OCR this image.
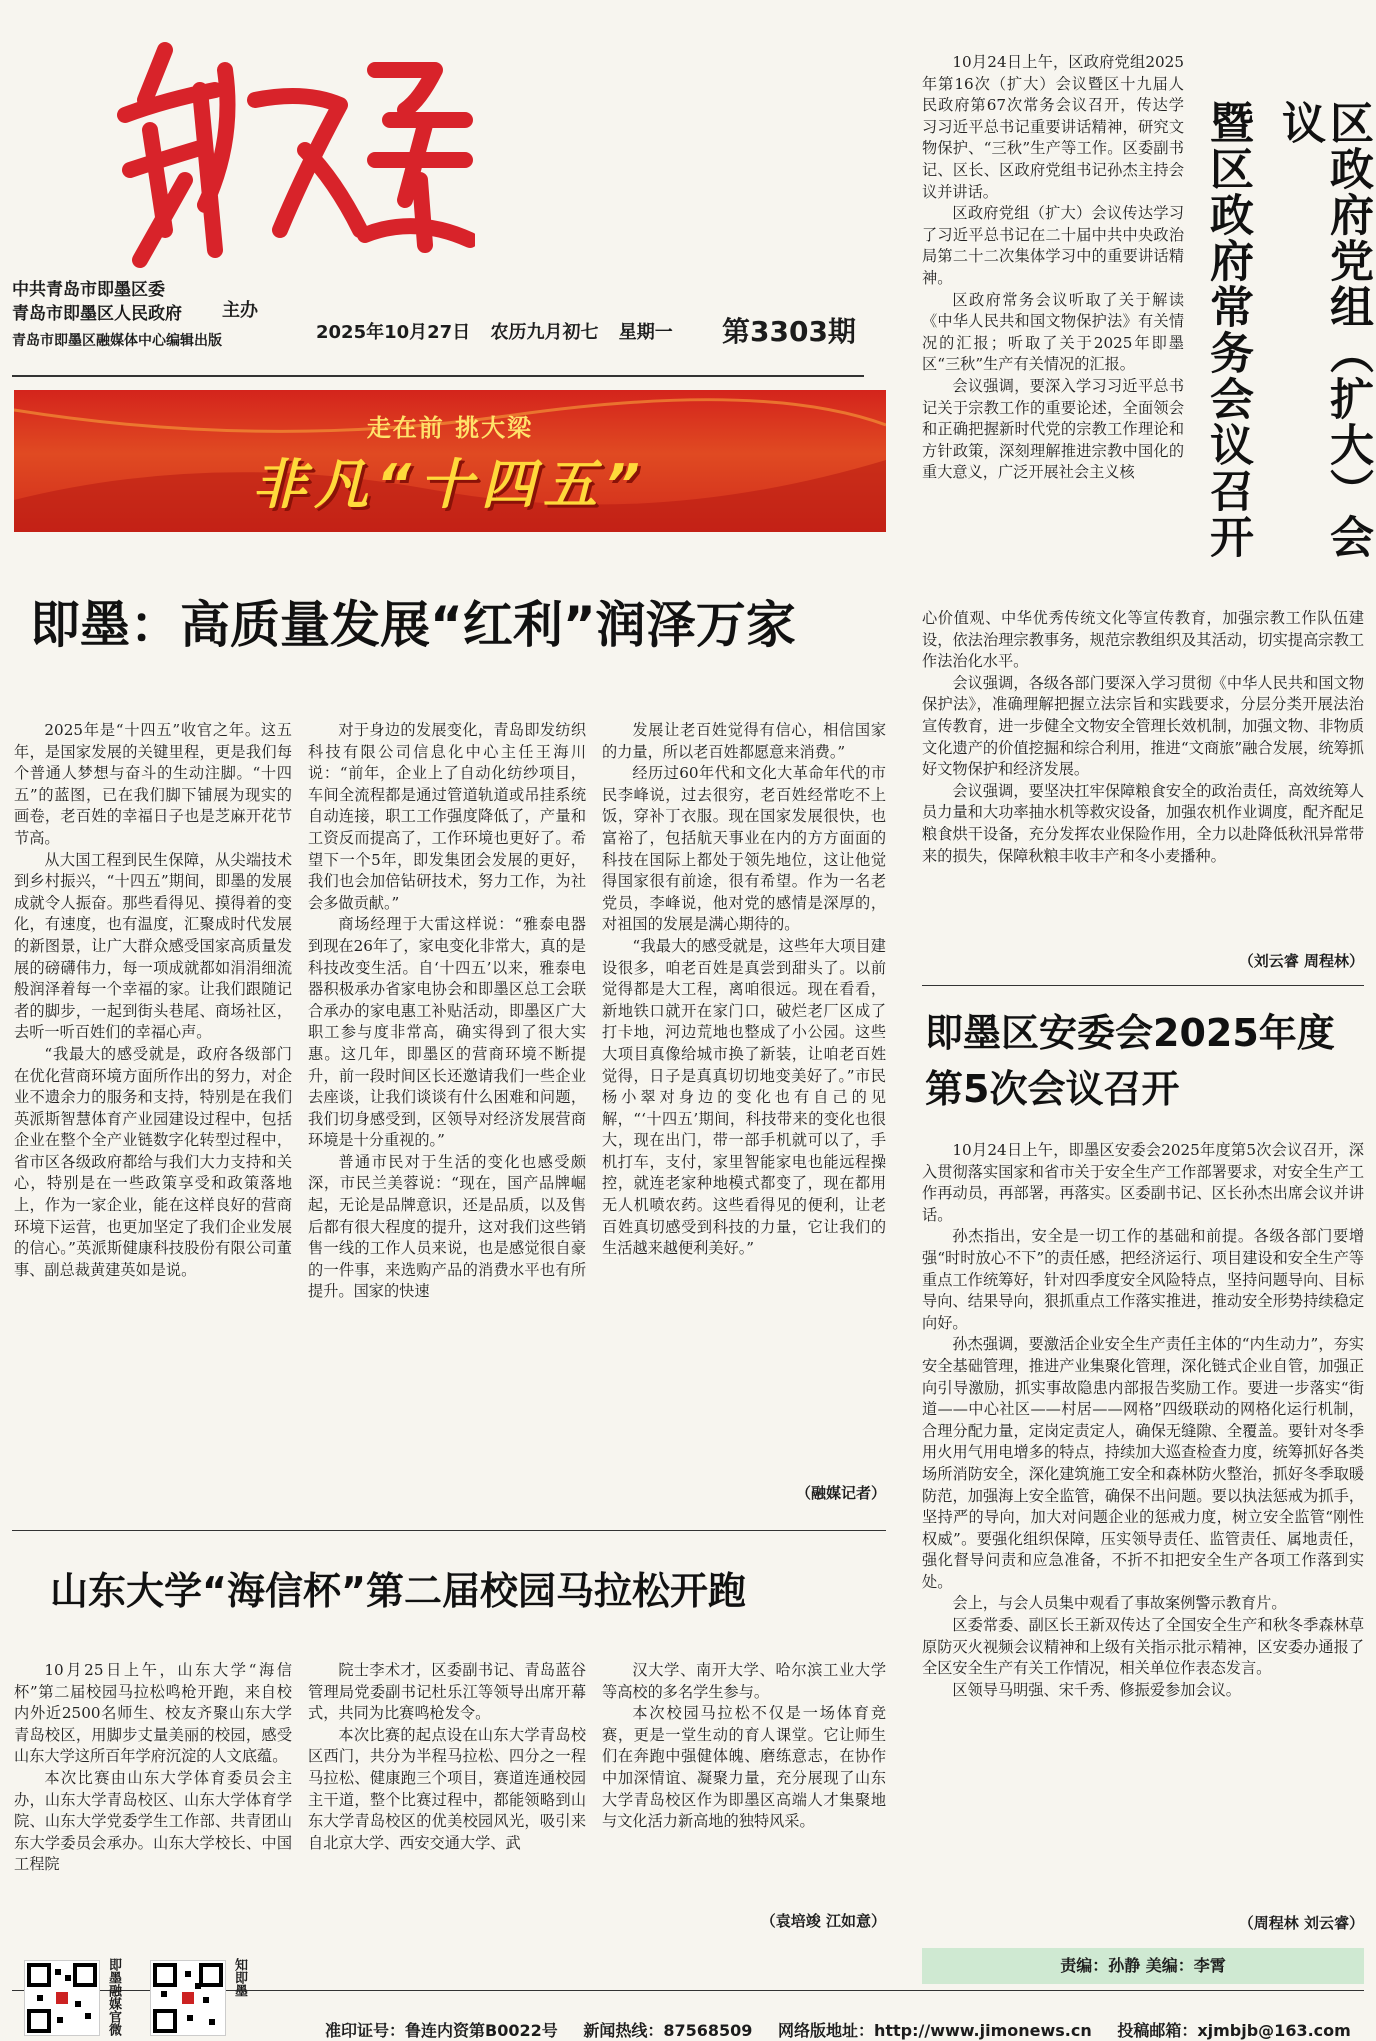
中共青岛市即墨区委
青岛市即墨区人民政府 主办
青岛市即墨区融媒体中心编辑出版	2025年10月27日 农历九月初七 星期一	第3303期
走在前 挑大梁
非凡“十四五”
即墨：高质量发展“红利”润泽万家

2025年是“十四五”收官之年。这五年，是国家发展的关键里程，更是我们每个普通人梦想与奋斗的生动注脚。“十四五”的蓝图，已在我们脚下铺展为现实的画卷，老百姓的幸福日子也是芝麻开花节节高。

从大国工程到民生保障，从尖端技术到乡村振兴，“十四五”期间，即墨的发展成就令人振奋。那些看得见、摸得着的变化，有速度，也有温度，汇聚成时代发展的新图景，让广大群众感受国家高质量发展的磅礴伟力，每一项成就都如涓涓细流般润泽着每一个幸福的家。让我们跟随记者的脚步，一起到街头巷尾、商场社区，去听一听百姓们的幸福心声。

“我最大的感受就是，政府各级部门在优化营商环境方面所作出的努力，对企业不遗余力的服务和支持，特别是在我们英派斯智慧体育产业园建设过程中，包括企业在整个全产业链数字化转型过程中，省市区各级政府都给与我们大力支持和关心，特别是在一些政策享受和政策落地上，作为一家企业，能在这样良好的营商环境下运营，也更加坚定了我们企业发展的信心。”英派斯健康科技股份有限公司董事、副总裁黄建英如是说。

对于身边的发展变化，青岛即发纺织科技有限公司信息化中心主任王海川说：“前年，企业上了自动化纺纱项目，车间全流程都是通过管道轨道或吊挂系统自动连接，职工工作强度降低了，产量和工资反而提高了，工作环境也更好了。希望下一个5年，即发集团会发展的更好，我们也会加倍钻研技术，努力工作，为社会多做贡献。”

商场经理于大雷这样说：“雅泰电器到现在26年了，家电变化非常大，真的是科技改变生活。自‘十四五’以来，雅泰电器积极承办省家电协会和即墨区总工会联合承办的家电惠工补贴活动，即墨区广大职工参与度非常高，确实得到了很大实惠。这几年，即墨区的营商环境不断提升，前一段时间区长还邀请我们一些企业去座谈，让我们谈谈有什么困难和问题，我们切身感受到，区领导对经济发展营商环境是十分重视的。”

普通市民对于生活的变化也感受颇深，市民兰美蓉说：“现在，国产品牌崛起，无论是品牌意识，还是品质，以及售后都有很大程度的提升，这对我们这些销售一线的工作人员来说，也是感觉很自豪的一件事，来选购产品的消费水平也有所提升。国家的快速

发展让老百姓觉得有信心，相信国家的力量，所以老百姓都愿意来消费。”

经历过60年代和文化大革命年代的市民李峰说，过去很穷，老百姓经常吃不上饭，穿补丁衣服。现在国家发展很快，也富裕了，包括航天事业在内的方方面面的科技在国际上都处于领先地位，这让他觉得国家很有前途，很有希望。作为一名老党员，李峰说，他对党的感情是深厚的，对祖国的发展是满心期待的。

“我最大的感受就是，这些年大项目建设很多，咱老百姓是真尝到甜头了。以前觉得都是大工程，离咱很远。现在看看，新地铁口就开在家门口，破烂老厂区成了打卡地，河边荒地也整成了小公园。这些大项目真像给城市换了新装，让咱老百姓觉得，日子是真真切切地变美好了。”市民杨小翠对身边的变化也有自己的见解，“‘十四五’期间，科技带来的变化也很大，现在出门，带一部手机就可以了，手机打车，支付，家里智能家电也能远程操控，就连老家种地模式都变了，现在都用无人机喷农药。这些看得见的便利，让老百姓真切感受到科技的力量，它让我们的生活越来越便利美好。”

（融媒记者）
山东大学“海信杯”第二届校园马拉松开跑

10月25日上午，山东大学“海信杯”第二届校园马拉松鸣枪开跑，来自校内外近2500名师生、校友齐聚山东大学青岛校区，用脚步丈量美丽的校园，感受山东大学这所百年学府沉淀的人文底蕴。

本次比赛由山东大学体育委员会主办，山东大学青岛校区、山东大学体育学院、山东大学党委学生工作部、共青团山东大学委员会承办。山东大学校长、中国工程院

院士李术才，区委副书记、青岛蓝谷管理局党委副书记杜乐江等领导出席开幕式，共同为比赛鸣枪发令。

本次比赛的起点设在山东大学青岛校区西门，共分为半程马拉松、四分之一程马拉松、健康跑三个项目，赛道连通校园主干道，整个比赛过程中，都能领略到山东大学青岛校区的优美校园风光，吸引来自北京大学、西安交通大学、武

汉大学、南开大学、哈尔滨工业大学等高校的多名学生参与。

本次校园马拉松不仅是一场体育竞赛，更是一堂生动的育人课堂。它让师生们在奔跑中强健体魄、磨练意志，在协作中加深情谊、凝聚力量，充分展现了山东大学青岛校区作为即墨区高端人才集聚地与文化活力新高地的独特风采。

（袁培竣 江如意）
区政府党组（扩大）会议
暨区政府常务会议召开

10月24日上午，区政府党组2025年第16次（扩大）会议暨区十九届人民政府第67次常务会议召开，传达学习习近平总书记重要讲话精神，研究文物保护、“三秋”生产等工作。区委副书记、区长、区政府党组书记孙杰主持会议并讲话。

区政府党组（扩大）会议传达学习了习近平总书记在二十届中共中央政治局第二十二次集体学习中的重要讲话精神。

区政府常务会议听取了关于解读《中华人民共和国文物保护法》有关情况的汇报；听取了关于2025年即墨区“三秋”生产有关情况的汇报。

会议强调，要深入学习习近平总书记关于宗教工作的重要论述，全面领会和正确把握新时代党的宗教工作理论和方针政策，深刻理解推进宗教中国化的重大意义，广泛开展社会主义核

心价值观、中华优秀传统文化等宣传教育，加强宗教工作队伍建设，依法治理宗教事务，规范宗教组织及其活动，切实提高宗教工作法治化水平。

会议强调，各级各部门要深入学习贯彻《中华人民共和国文物保护法》，准确理解把握立法宗旨和实践要求，分层分类开展法治宣传教育，进一步健全文物安全管理长效机制，加强文物、非物质文化遗产的价值挖掘和综合利用，推进“文商旅”融合发展，统筹抓好文物保护和经济发展。

会议强调，要坚决扛牢保障粮食安全的政治责任，高效统筹人员力量和大功率抽水机等救灾设备，加强农机作业调度，配齐配足粮食烘干设备，充分发挥农业保险作用，全力以赴降低秋汛异常带来的损失，保障秋粮丰收丰产和冬小麦播种。

（刘云睿 周程林）
即墨区安委会2025年度
第5次会议召开

10月24日上午，即墨区安委会2025年度第5次会议召开，深入贯彻落实国家和省市关于安全生产工作部署要求，对安全生产工作再动员，再部署，再落实。区委副书记、区长孙杰出席会议并讲话。

孙杰指出，安全是一切工作的基础和前提。各级各部门要增强“时时放心不下”的责任感，把经济运行、项目建设和安全生产等重点工作统筹好，针对四季度安全风险特点，坚持问题导向、目标导向、结果导向，狠抓重点工作落实推进，推动安全形势持续稳定向好。

孙杰强调，要激活企业安全生产责任主体的“内生动力”，夯实安全基础管理，推进产业集聚化管理，深化链式企业自管，加强正向引导激励，抓实事故隐患内部报告奖励工作。要进一步落实“街道——中心社区——村居——网格”四级联动的网格化运行机制，合理分配力量，定岗定责定人，确保无缝隙、全覆盖。要针对冬季用火用气用电增多的特点，持续加大巡查检查力度，统筹抓好各类场所消防安全，深化建筑施工安全和森林防火整治，抓好冬季取暖防范，加强海上安全监管，确保不出问题。要以执法惩戒为抓手，坚持严的导向，加大对问题企业的惩戒力度，树立安全监管“刚性权威”。要强化组织保障，压实领导责任、监管责任、属地责任，强化督导问责和应急准备，不折不扣把安全生产各项工作落到实处。

会上，与会人员集中观看了事故案例警示教育片。

区委常委、副区长王新双传达了全国安全生产和秋冬季森林草原防灭火视频会议精神和上级有关指示批示精神，区安委办通报了全区安全生产有关工作情况，相关单位作表态发言。

区领导马明强、宋千秀、修振爱参加会议。

（周程林 刘云睿）
责编：孙静 美编：李霄
即墨融媒官微	知即墨
准印证号：鲁连内资第B0022号 新闻热线：87568509 网络版地址：http://www.jimonews.cn 投稿邮箱：xjmbjb@163.com
